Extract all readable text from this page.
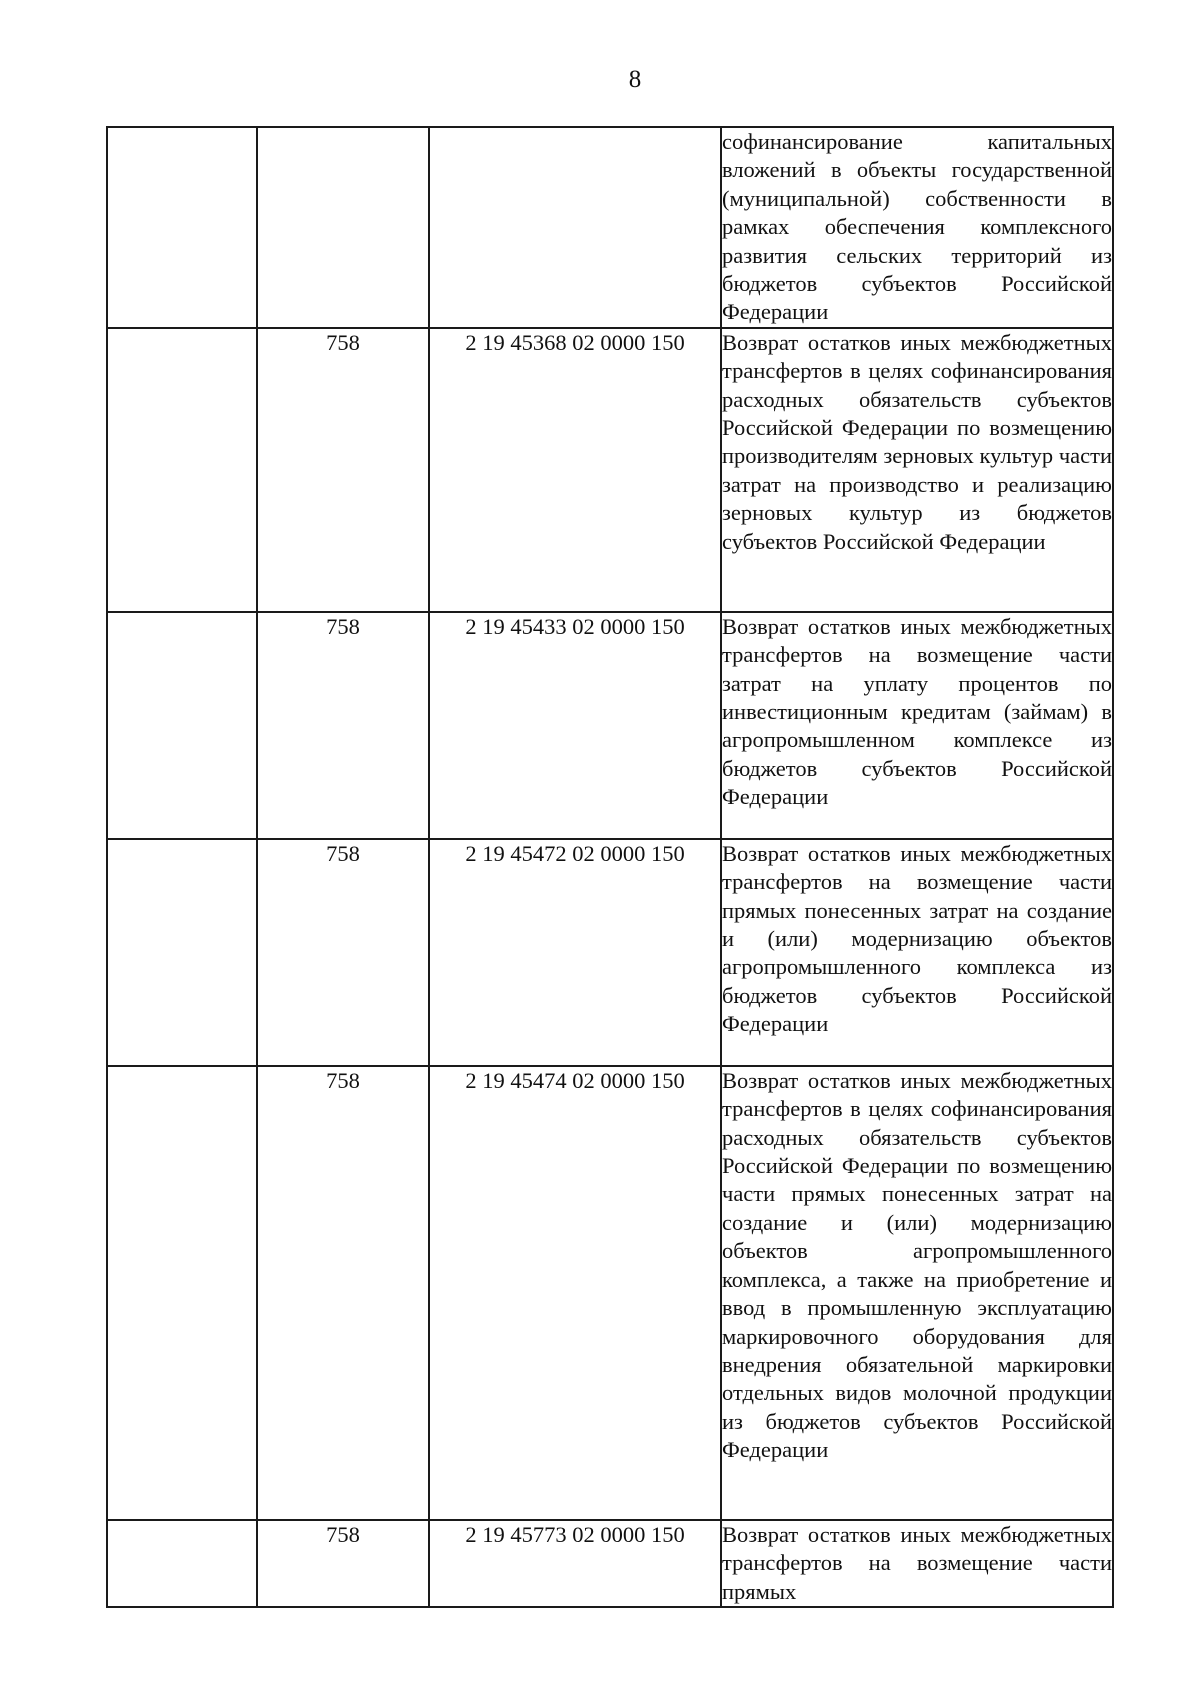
8

			софинансирование капитальных вложений в объекты государственной (муниципальной) собственности в рамках обеспечения комплексного развития сельских территорий из бюджетов субъектов Российской Федерации

	758	2 19 45368 02 0000 150	Возврат остатков иных межбюджетных трансфертов в целях софинансирования расходных обязательств субъектов Российской Федерации по возмещению производителям зерновых культур части затрат на производство и реализацию зерновых культур из бюджетов субъектов Российской Федерации

	758	2 19 45433 02 0000 150	Возврат остатков иных межбюджетных трансфертов на возмещение части затрат на уплату процентов по инвестиционным кредитам (займам) в агропромышленном комплексе из бюджетов субъектов Российской Федерации

	758	2 19 45472 02 0000 150	Возврат остатков иных межбюджетных трансфертов на возмещение части прямых понесенных затрат на создание и (или) модернизацию объектов агропромышленного комплекса из бюджетов субъектов Российской Федерации

	758	2 19 45474 02 0000 150	Возврат остатков иных межбюджетных трансфертов в целях софинансирования расходных обязательств субъектов Российской Федерации по возмещению части прямых понесенных затрат на создание и (или) модернизацию объектов агропромышленного комплекса, а также на приобретение и ввод в промышленную эксплуатацию маркировочного оборудования для внедрения обязательной маркировки отдельных видов молочной продукции из бюджетов субъектов Российской Федерации

	758	2 19 45773 02 0000 150	Возврат остатков иных межбюджетных трансфертов на возмещение части прямых
